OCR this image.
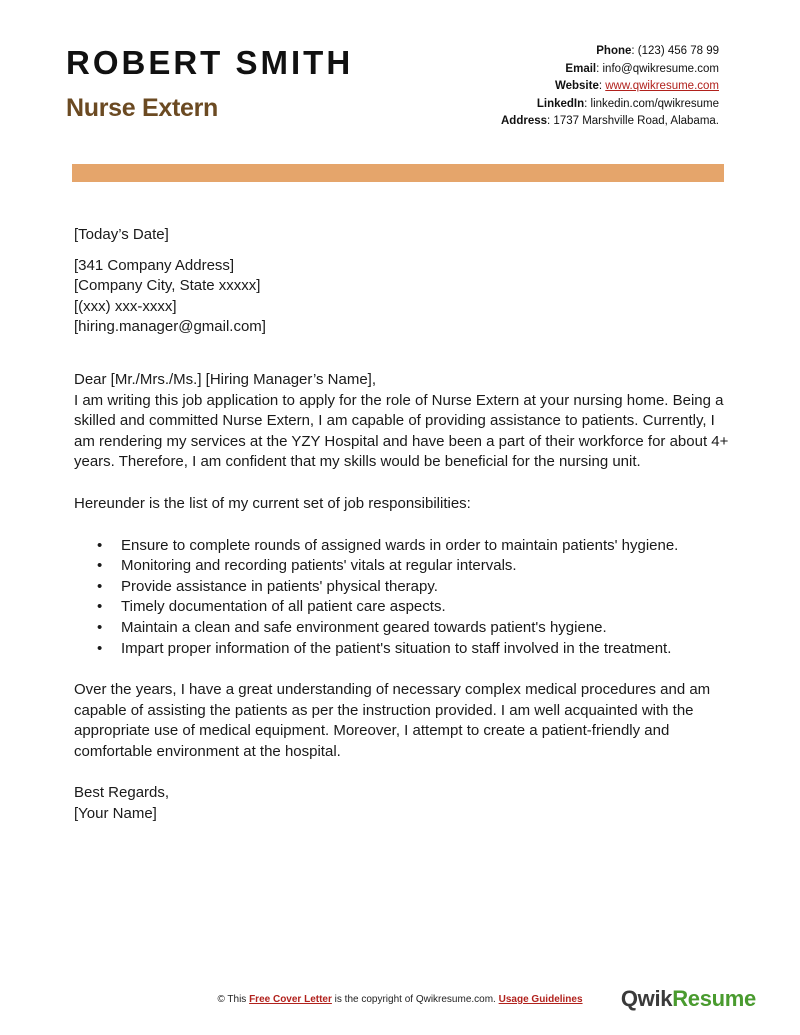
ROBERT SMITH
Nurse Extern
Phone: (123) 456 78 99
Email: info@qwikresume.com
Website: www.qwikresume.com
LinkedIn: linkedin.com/qwikresume
Address: 1737 Marshville Road, Alabama.

[Today’s Date]

[341 Company Address]

[Company City, State xxxxx]

[(xxx) xxx-xxxx]

[hiring.manager@gmail.com]

Dear [Mr./Mrs./Ms.] [Hiring Manager’s Name],

I am writing this job application to apply for the role of Nurse Extern at your nursing home. Being a skilled and committed Nurse Extern, I am capable of providing assistance to patients. Currently, I am rendering my services at the YZY Hospital and have been a part of their workforce for about 4+ years. Therefore, I am confident that my skills would be beneficial for the nursing unit.

Hereunder is the list of my current set of job responsibilities:

• Ensure to complete rounds of assigned wards in order to maintain patients' hygiene.
• Monitoring and recording patients' vitals at regular intervals.
• Provide assistance in patients' physical therapy.
• Timely documentation of all patient care aspects.
• Maintain a clean and safe environment geared towards patient's hygiene.
• Impart proper information of the patient's situation to staff involved in the treatment.

Over the years, I have a great understanding of necessary complex medical procedures and am capable of assisting the patients as per the instruction provided. I am well acquainted with the appropriate use of medical equipment. Moreover, I attempt to create a patient-friendly and comfortable environment at the hospital.

Best Regards,

[Your Name]

© This Free Cover Letter is the copyright of Qwikresume.com. Usage Guidelines	QwikResume
